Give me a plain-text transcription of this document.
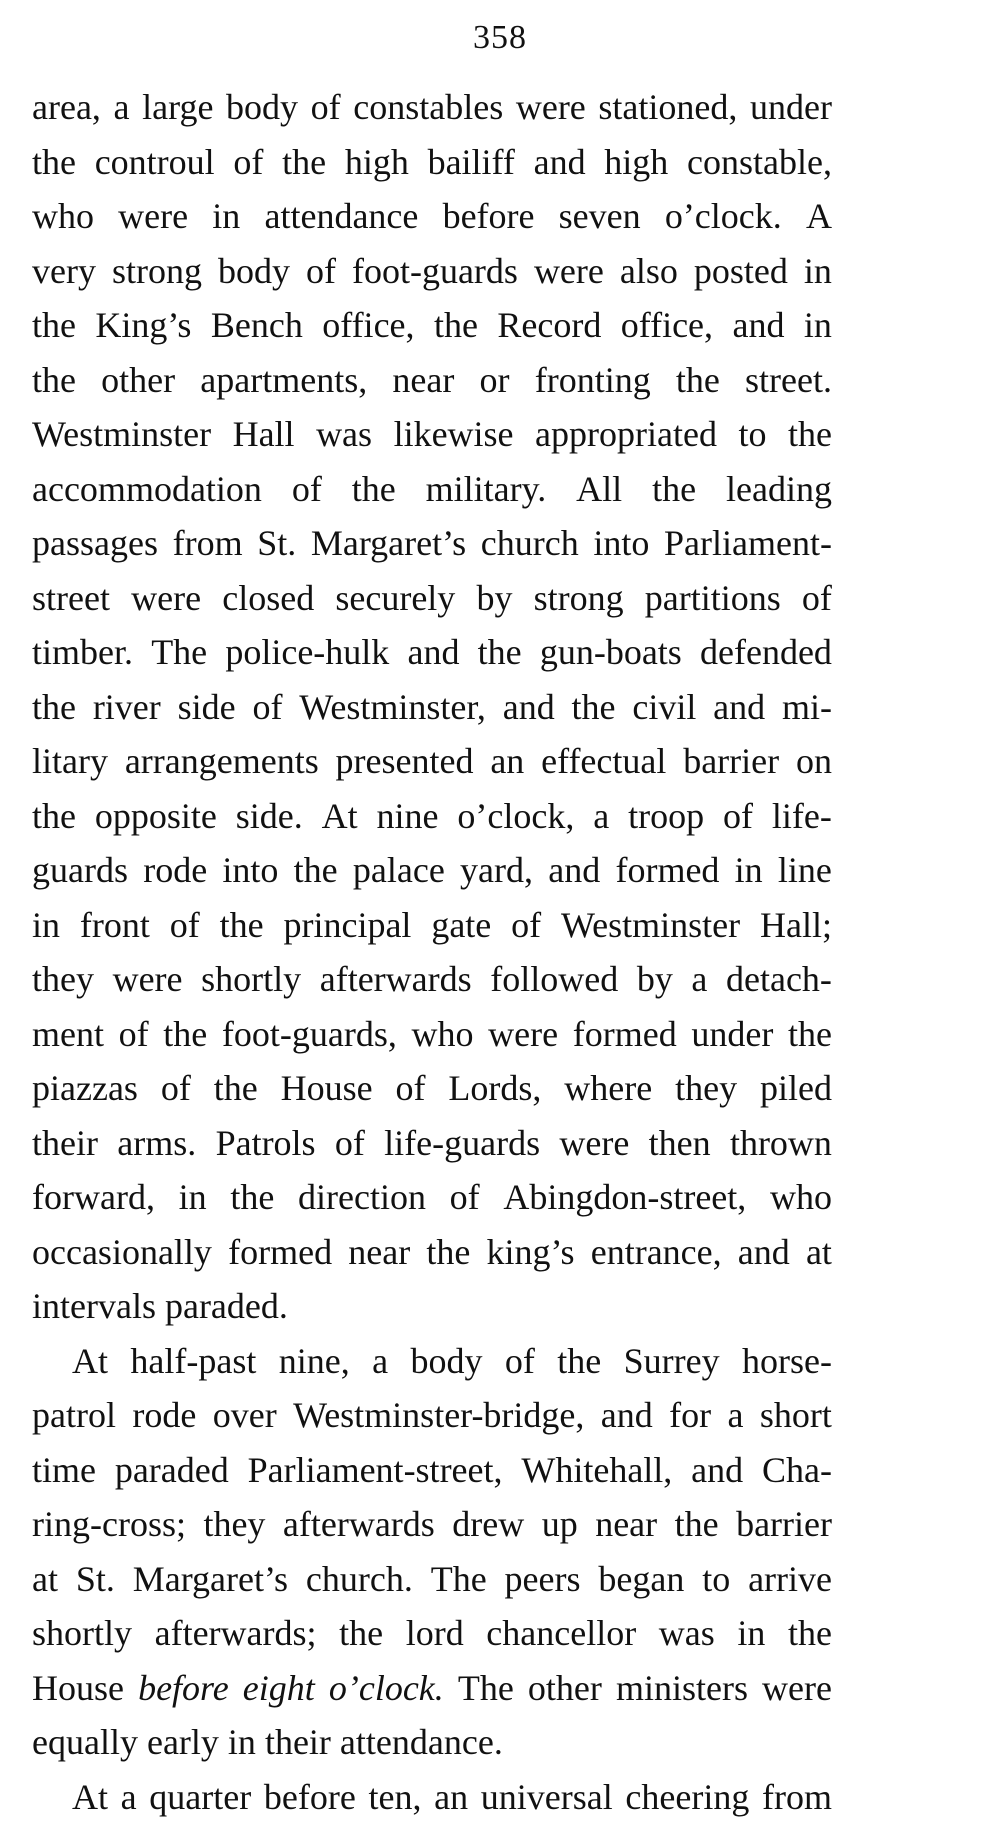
358
area, a large body of constables were stationed, under
the controul of the high bailiff and high constable,
who were in attendance before seven o’clock. A
very strong body of foot-guards were also posted in
the King’s Bench office, the Record office, and in
the other apartments, near or fronting the street.
Westminster Hall was likewise appropriated to the
accommodation of the military. All the leading
passages from St. Margaret’s church into Parliament-
street were closed securely by strong partitions of
timber. The police-hulk and the gun-boats defended
the river side of Westminster, and the civil and mi-
litary arrangements presented an effectual barrier on
the opposite side. At nine o’clock, a troop of life-
guards rode into the palace yard, and formed in line
in front of the principal gate of Westminster Hall;
they were shortly afterwards followed by a detach-
ment of the foot-guards, who were formed under the
piazzas of the House of Lords, where they piled
their arms. Patrols of life-guards were then thrown
forward, in the direction of Abingdon-street, who
occasionally formed near the king’s entrance, and at
intervals paraded.
At half-past nine, a body of the Surrey horse-
patrol rode over Westminster-bridge, and for a short
time paraded Parliament-street, Whitehall, and Cha-
ring-cross; they afterwards drew up near the barrier
at St. Margaret’s church. The peers began to arrive
shortly afterwards; the lord chancellor was in the
House before eight o’clock. The other ministers were
equally early in their attendance.
At a quarter before ten, an universal cheering from
